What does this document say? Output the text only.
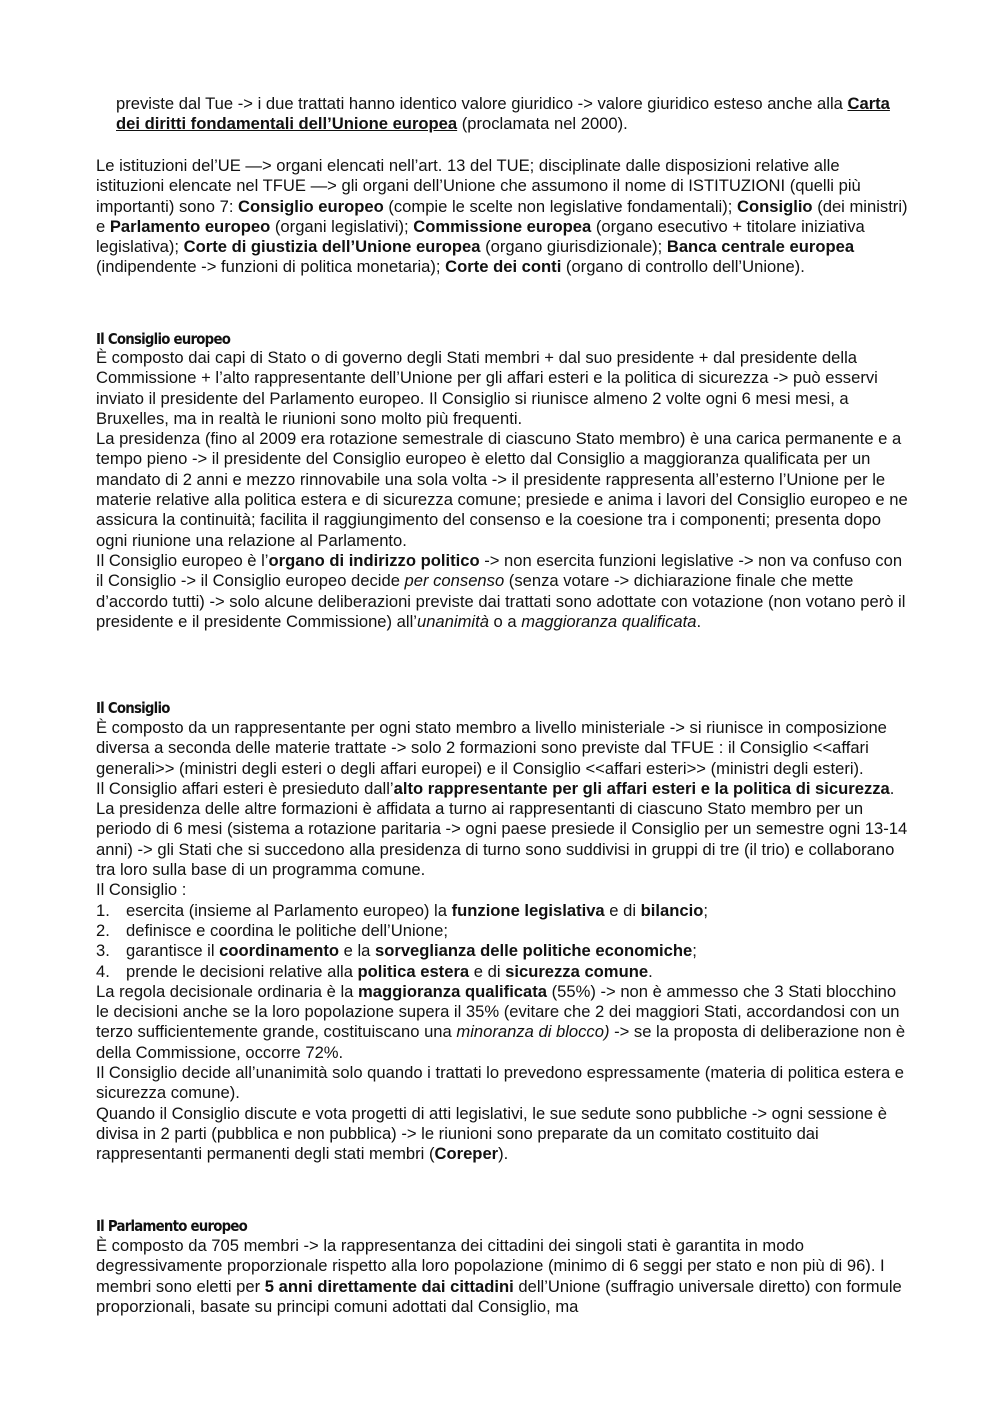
previste dal Tue -> i due trattati hanno identico valore giuridico -> valore giuridico esteso anche alla Carta dei diritti fondamentali dell’Unione europea (proclamata nel 2000).

Le istituzioni del’UE —> organi elencati nell’art. 13 del TUE; disciplinate dalle disposizioni relative alle istituzioni elencate nel TFUE —> gli organi dell’Unione che assumono il nome di ISTITUZIONI (quelli più importanti) sono 7: Consiglio europeo (compie le scelte non legislative fondamentali); Consiglio (dei ministri) e Parlamento europeo (organi legislativi); Commissione europea (organo esecutivo + titolare iniziativa legislativa); Corte di giustizia dell’Unione europea (organo giurisdizionale); Banca centrale europea (indipendente -> funzioni di politica monetaria); Corte dei conti (organo di controllo dell’Unione).

Il Consiglio europeo

È composto dai capi di Stato o di governo degli Stati membri + dal suo presidente + dal presidente della Commissione + l’alto rappresentante dell’Unione per gli affari esteri e la politica di sicurezza -> può esservi inviato il presidente del Parlamento europeo. Il Consiglio si riunisce almeno 2 volte ogni 6 mesi mesi, a Bruxelles, ma in realtà le riunioni sono molto più frequenti.

La presidenza (fino al 2009 era rotazione semestrale di ciascuno Stato membro) è una carica permanente e a tempo pieno -> il presidente del Consiglio europeo è eletto dal Consiglio a maggioranza qualificata per un mandato di 2 anni e mezzo rinnovabile una sola volta -> il presidente rappresenta all’esterno l’Unione per le materie relative alla politica estera e di sicurezza comune; presiede e anima i lavori del Consiglio europeo e ne assicura la continuità; facilita il raggiungimento del consenso e la coesione tra i componenti; presenta dopo ogni riunione una relazione al Parlamento.

Il Consiglio europeo è l’organo di indirizzo politico -> non esercita funzioni legislative -> non va confuso con il Consiglio -> il Consiglio europeo decide per consenso (senza votare -> dichiarazione finale che mette d’accordo tutti) -> solo alcune deliberazioni previste dai trattati sono adottate con votazione (non votano però il presidente e il presidente Commissione) all’unanimità o a maggioranza qualificata.

Il Consiglio

È composto da un rappresentante per ogni stato membro a livello ministeriale -> si riunisce in composizione diversa a seconda delle materie trattate -> solo 2 formazioni sono previste dal TFUE : il Consiglio <<affari generali>> (ministri degli esteri o degli affari europei) e il Consiglio <<affari esteri>> (ministri degli esteri).

Il Consiglio affari esteri è presieduto dall’alto rappresentante per gli affari esteri e la politica di sicurezza. La presidenza delle altre formazioni è affidata a turno ai rappresentanti di ciascuno Stato membro per un periodo di 6 mesi (sistema a rotazione paritaria -> ogni paese presiede il Consiglio per un semestre ogni 13-14 anni) -> gli Stati che si succedono alla presidenza di turno sono suddivisi in gruppi di tre (il trio) e collaborano tra loro sulla base di un programma comune.

Il Consiglio :

1. esercita (insieme al Parlamento europeo) la funzione legislativa e di bilancio;

2. definisce e coordina le politiche dell’Unione;

3. garantisce il coordinamento e la sorveglianza delle politiche economiche;

4. prende le decisioni relative alla politica estera e di sicurezza comune.

La regola decisionale ordinaria è la maggioranza qualificata (55%) -> non è ammesso che 3 Stati blocchino le decisioni anche se la loro popolazione supera il 35% (evitare che 2 dei maggiori Stati, accordandosi con un terzo sufficientemente grande, costituiscano una minoranza di blocco) -> se la proposta di deliberazione non è della Commissione, occorre 72%.

Il Consiglio decide all’unanimità solo quando i trattati lo prevedono espressamente (materia di politica estera e sicurezza comune).

Quando il Consiglio discute e vota progetti di atti legislativi, le sue sedute sono pubbliche -> ogni sessione è divisa in 2 parti (pubblica e non pubblica) -> le riunioni sono preparate da un comitato costituito dai rappresentanti permanenti degli stati membri (Coreper).

Il Parlamento europeo

È composto da 705 membri -> la rappresentanza dei cittadini dei singoli stati è garantita in modo degressivamente proporzionale rispetto alla loro popolazione (minimo di 6 seggi per stato e non più di 96). I membri sono eletti per 5 anni direttamente dai cittadini dell’Unione (suffragio universale diretto) con formule proporzionali, basate su principi comuni adottati dal Consiglio, ma
